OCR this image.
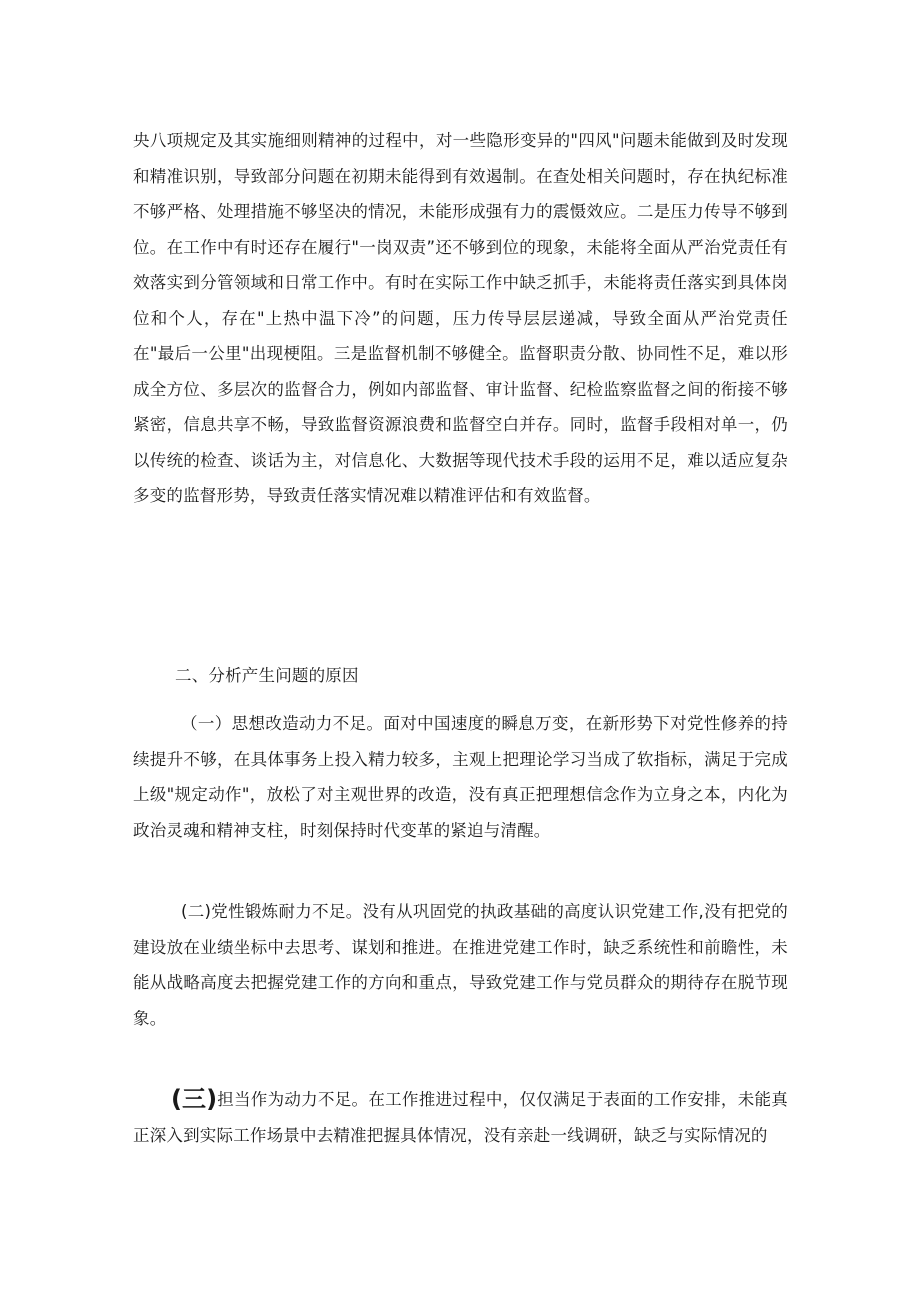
央八项规定及其实施细则精神的过程中，对一些隐形变异的"四风"问题未能做到及时发现和精准识别，导致部分问题在初期未能得到有效遏制。在查处相关问题时，存在执纪标准不够严格、处理措施不够坚决的情况，未能形成强有力的震慑效应。二是压力传导不够到位。在工作中有时还存在履行"一岗双责”还不够到位的现象，未能将全面从严治党责任有效落实到分管领域和日常工作中。有时在实际工作中缺乏抓手，未能将责任落实到具体岗位和个人，存在"上热中温下冷”的问题，压力传导层层递减，导致全面从严治党责任在"最后一公里"出现梗阻。三是监督机制不够健全。监督职责分散、协同性不足，难以形成全方位、多层次的监督合力，例如内部监督、审计监督、纪检监察监督之间的衔接不够紧密，信息共享不畅，导致监督资源浪费和监督空白并存。同时，监督手段相对单一，仍以传统的检查、谈话为主，对信息化、大数据等现代技术手段的运用不足，难以适应复杂多变的监督形势，导致责任落实情况难以精准评估和有效监督。

二、分析产生问题的原因

（一）思想改造动力不足。面对中国速度的瞬息万变，在新形势下对党性修养的持续提升不够，在具体事务上投入精力较多，主观上把理论学习当成了软指标，满足于完成上级"规定动作"，放松了对主观世界的改造，没有真正把理想信念作为立身之本，内化为政治灵魂和精神支柱，时刻保持时代变革的紧迫与清醒。

(二)党性锻炼耐力不足。没有从巩固党的执政基础的高度认识党建工作,没有把党的建设放在业绩坐标中去思考、谋划和推进。在推进党建工作时，缺乏系统性和前瞻性，未能从战略高度去把握党建工作的方向和重点，导致党建工作与党员群众的期待存在脱节现象。

(三)担当作为动力不足。在工作推进过程中，仅仅满足于表面的工作安排，未能真正深入到实际工作场景中去精准把握具体情况，没有亲赴一线调研，缺乏与实际情况的
